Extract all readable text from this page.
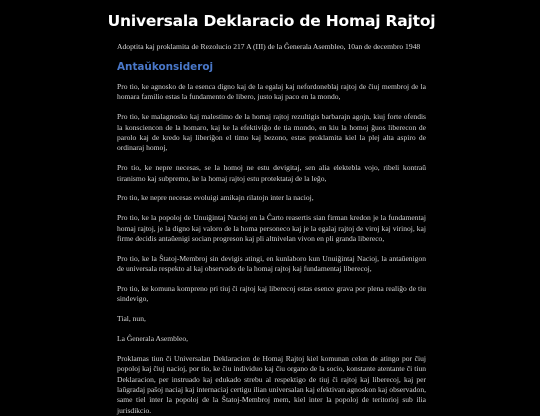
Universala Deklaracio de Homaj Rajtoj

Adoptita kaj proklamita de Rezolucio 217 A (III) de la Ĝenerala Asembleo, 10an de decembro 1948

Antaŭkonsideroj

Pro tio, ke agnosko de la esenca digno kaj de la egalaj kaj nefordoneblaj rajtoj de ĉiuj membroj de la homara familio estas la fundamento de libero, justo kaj paco en la mondo,

Pro tio, ke malagnosko kaj malestimo de la homaj rajtoj rezultigis barbarajn agojn, kiuj forte ofendis la konsciencon de la homaro, kaj ke la efektiviĝo de tia mondo, en kiu la homoj ĝuos liberecon de parolo kaj de kredo kaj liberiĝon el timo kaj bezono, estas proklamita kiel la plej alta aspiro de ordinaraj homoj,

Pro tio, ke nepre necesas, se la homoj ne estu devigitaj, sen alia elektebla vojo, ribeli kontraŭ tiranismo kaj subpremo, ke la homaj rajtoj estu protektataj de la leĝo,

Pro tio, ke nepre necesas evoluigi amikajn rilatojn inter la nacioj,

Pro tio, ke la popoloj de Unuiĝintaj Nacioj en la Ĉarto reasertis sian firman kredon je la fundamentaj homaj rajtoj, je la digno kaj valoro de la homa personeco kaj je la egalaj rajtoj de viroj kaj virinoj, kaj firme decidis antaŭenigi socian progreson kaj pli altnivelan vivon en pli granda libereco,

Pro tio, ke la Ŝtatoj-Membroj sin devigis atingi, en kunlaboro kun Unuiĝintaj Nacioj, la antaŭenigon de universala respekto al kaj observado de la homaj rajtoj kaj fundamentaj liberecoj,

Pro tio, ke komuna komprenо pri tiuj ĉi rajtoj kaj liberecoj estas esence grava por plena realiĝo de tiu sindevigo,

Tial, nun,

La Ĝenerala Asembleo,

Proklamas tiun ĉi Universalan Deklaracion de Homaj Rajtoj kiel komunan celon de atingo por ĉiuj popoloj kaj ĉiuj nacioj, por tio, ke ĉiu individuo kaj ĉiu organo de la socio, konstante atentante ĉi tiun Deklaracion, per instruado kaj edukado strebu al respektigo de tiuj ĉi rajtoj kaj liberecoj, kaj per laŭgradaj paŝoj naciaj kaj internaciaj certigu ilian universalan kaj efektivan agnoskon kaj observadon, same tiel inter la popoloj de la Ŝtatoj-Membroj mem, kiel inter la popoloj de teritorioj sub ilia jurisdikcio.
